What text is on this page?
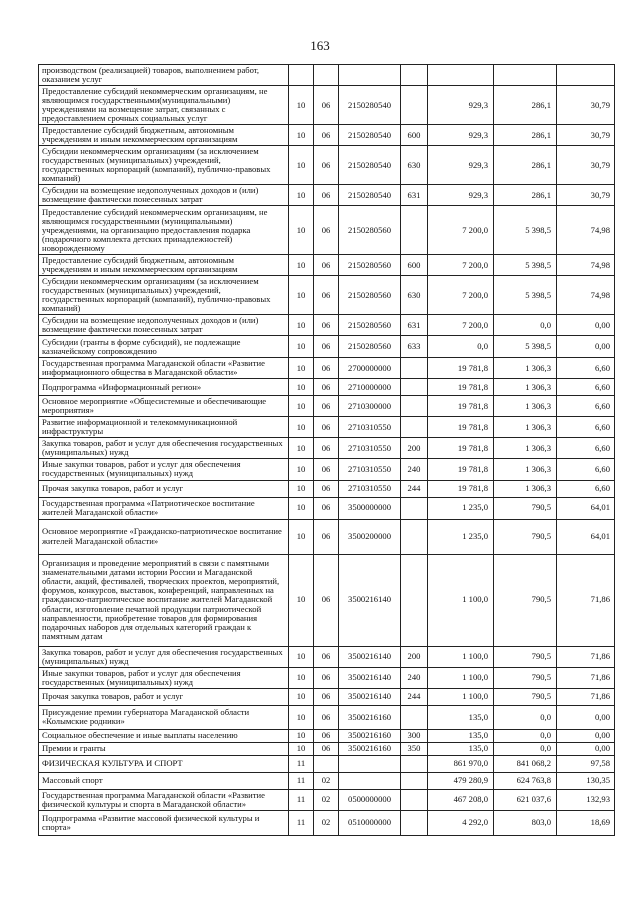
163
производством (реализацией) товаров, выполнением работ, оказанием услуг							
Предоставление субсидий некоммерческим организациям, не являющимся государственными(муниципальными) учреждениями на возмещение затрат, связанных с предоставлением срочных социальных услуг	10	06	2150280540		929,3	286,1	30,79
Предоставление субсидий бюджетным, автономным учреждениям и иным некоммерческим организациям	10	06	2150280540	600	929,3	286,1	30,79
Субсидии некоммерческим организациям (за исключением государственных (муниципальных) учреждений, государственных корпораций (компаний), публично-правовых компаний)	10	06	2150280540	630	929,3	286,1	30,79
Субсидии на возмещение недополученных доходов и (или) возмещение фактически понесенных затрат	10	06	2150280540	631	929,3	286,1	30,79
Предоставление субсидий некоммерческим организациям, не являющимся государственными (муниципальными) учреждениями, на организацию предоставления подарка (подарочного комплекта детских принадлежностей) новорожденному	10	06	2150280560		7 200,0	5 398,5	74,98
Предоставление субсидий бюджетным, автономным учреждениям и иным некоммерческим организациям	10	06	2150280560	600	7 200,0	5 398,5	74,98
Субсидии некоммерческим организациям (за исключением государственных (муниципальных) учреждений, государственных корпораций (компаний), публично-правовых компаний)	10	06	2150280560	630	7 200,0	5 398,5	74,98
Субсидии на возмещение недополученных доходов и (или) возмещение фактически понесенных затрат	10	06	2150280560	631	7 200,0	0,0	0,00
Субсидии (гранты в форме субсидий), не подлежащие казначейскому сопровождению	10	06	2150280560	633	0,0	5 398,5	0,00
Государственная программа Магаданской области «Развитие информационного общества в Магаданской области»	10	06	2700000000		19 781,8	1 306,3	6,60
Подпрограмма «Информационный регион»	10	06	2710000000		19 781,8	1 306,3	6,60
Основное мероприятие «Общесистемные и обеспечивающие мероприятия»	10	06	2710300000		19 781,8	1 306,3	6,60
Развитие информационной и телекоммуникационной инфраструктуры	10	06	2710310550		19 781,8	1 306,3	6,60
Закупка товаров, работ и услуг для обеспечения государственных (муниципальных) нужд	10	06	2710310550	200	19 781,8	1 306,3	6,60
Иные закупки товаров, работ и услуг для обеспечения государственных (муниципальных) нужд	10	06	2710310550	240	19 781,8	1 306,3	6,60
Прочая закупка товаров, работ и услуг	10	06	2710310550	244	19 781,8	1 306,3	6,60
Государственная программа «Патриотическое воспитание жителей Магаданской области»	10	06	3500000000		1 235,0	790,5	64,01
Основное мероприятие «Гражданско-патриотическое воспитание жителей Магаданской области»	10	06	3500200000		1 235,0	790,5	64,01
Организация и проведение мероприятий в связи с памятными знаменательными датами истории России и Магаданской области, акций, фестивалей, творческих проектов, мероприятий, форумов, конкурсов, выставок, конференций, направленных на гражданско-патриотическое воспитание жителей Магаданской области, изготовление печатной продукции патриотической направленности, приобретение товаров для формирования подарочных наборов для отдельных категорий граждан к памятным датам	10	06	3500216140		1 100,0	790,5	71,86
Закупка товаров, работ и услуг для обеспечения государственных (муниципальных) нужд	10	06	3500216140	200	1 100,0	790,5	71,86
Иные закупки товаров, работ и услуг для обеспечения государственных (муниципальных) нужд	10	06	3500216140	240	1 100,0	790,5	71,86
Прочая закупка товаров, работ и услуг	10	06	3500216140	244	1 100,0	790,5	71,86
Присуждение премии губернатора Магаданской области «Колымские родники»	10	06	3500216160		135,0	0,0	0,00
Социальное обеспечение и иные выплаты населению	10	06	3500216160	300	135,0	0,0	0,00
Премии и гранты	10	06	3500216160	350	135,0	0,0	0,00
ФИЗИЧЕСКАЯ КУЛЬТУРА И СПОРТ	11				861 970,0	841 068,2	97,58
Массовый спорт	11	02			479 280,9	624 763,8	130,35
Государственная программа Магаданской области «Развитие физической культуры и спорта в Магаданской области»	11	02	0500000000		467 208,0	621 037,6	132,93
Подпрограмма «Развитие массовой физической культуры и спорта»	11	02	0510000000		4 292,0	803,0	18,69
